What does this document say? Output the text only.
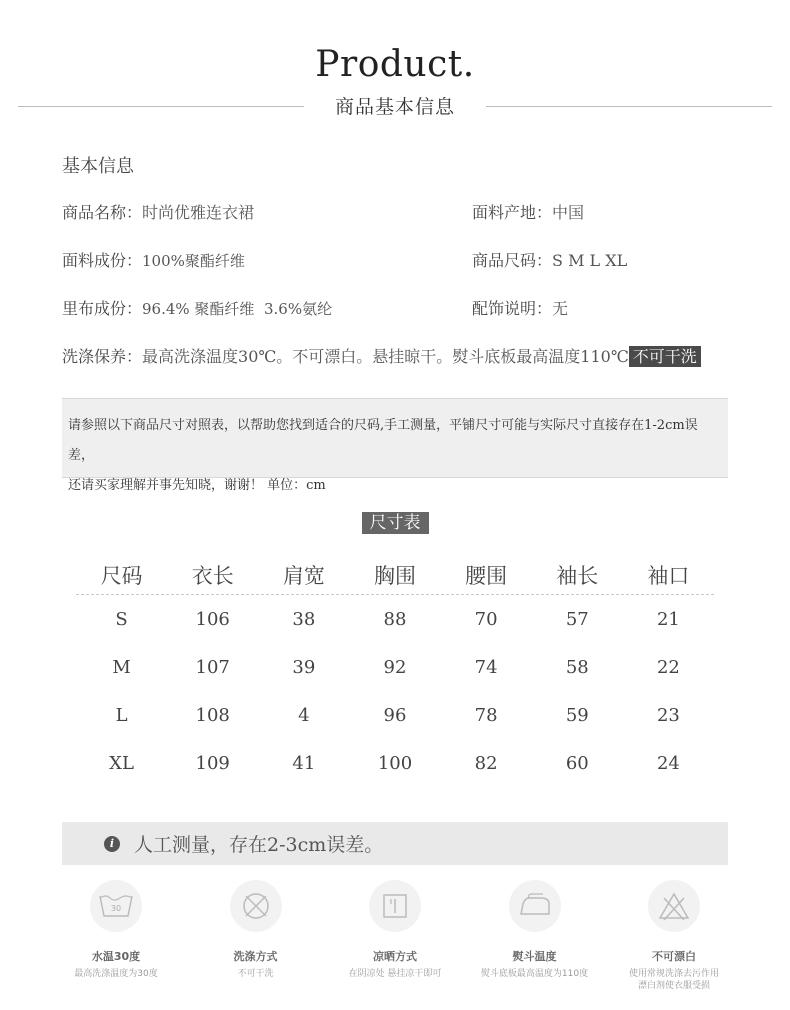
Product.
商品基本信息
基本信息
商品名称：时尚优雅连衣裙	面料产地：中国
面料成份：100%聚酯纤维	商品尺码：S M L XL
里布成份：96.4% 聚酯纤维  3.6%氨纶	配饰说明：无
洗涤保养：最高洗涤温度30℃。不可漂白。悬挂晾干。熨斗底板最高温度110℃ 不可干洗
请参照以下商品尺寸对照表，以帮助您找到适合的尺码,手工测量，平铺尺寸可能与实际尺寸直接存在1-2cm误差，
还请买家理解并事先知晓，谢谢！ 单位：cm
尺寸表
尺码	衣长	肩宽	胸围	腰围	袖长	袖口
S	106	38	88	70	57	21
M	107	39	92	74	58	22
L	108	4	96	78	59	23
XL	109	41	100	82	60	24
i	人工测量，存在2-3cm误差。
30
水温30度
最高洗涤温度为30度
洗涤方式
不可干洗
凉晒方式
在阴凉处 悬挂凉干即可
熨斗温度
熨斗底板最高温度为110度
不可漂白
使用常规洗涤去污作用
漂白剂使衣服受损
